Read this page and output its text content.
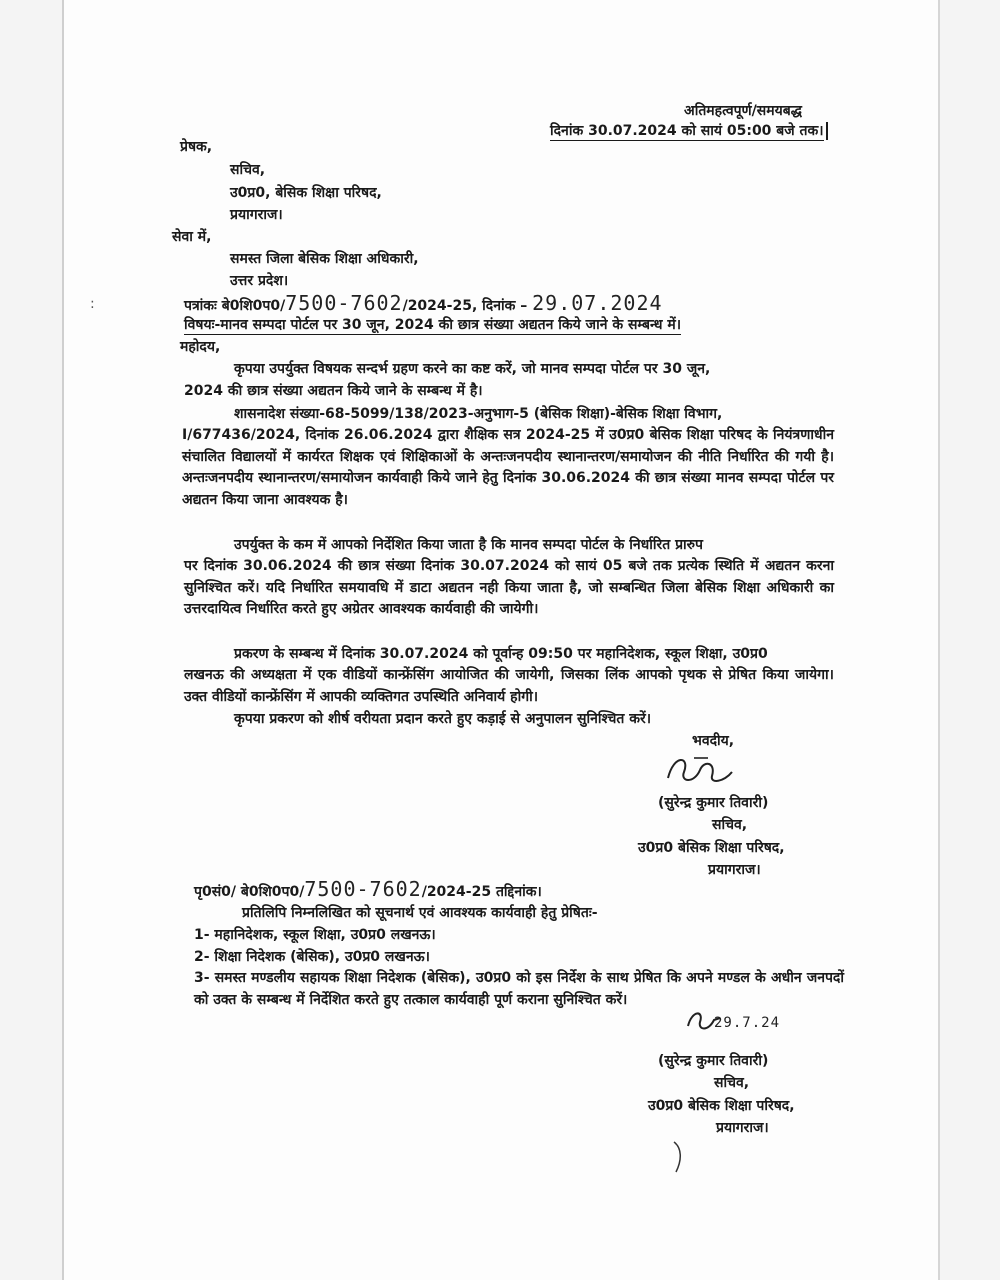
अतिमहत्वपूर्ण/समयबद्ध
दिनांक 30.07.2024 को सायं 05:00 बजे तक।
प्रेषक,
सचिव,
उ0प्र0, बेसिक शिक्षा परिषद,
प्रयागराज।
सेवा में,
समस्त जिला बेसिक शिक्षा अधिकारी,
उत्तर प्रदेश।
पत्रांकः बे0शि0प0/7500-7602/2024-25, दिनांक – 29.07.2024
:
विषयः-मानव सम्पदा पोर्टल पर 30 जून, 2024 की छात्र संख्या अद्यतन किये जाने के सम्बन्ध में।
महोदय,
कृपया उपर्युक्त विषयक सन्दर्भ ग्रहण करने का कष्ट करें, जो मानव सम्पदा पोर्टल पर 30 जून,
2024 की छात्र संख्या अद्यतन किये जाने के सम्बन्ध में है।
शासनादेश संख्या-68-5099/138/2023-अनुभाग-5 (बेसिक शिक्षा)-बेसिक शिक्षा विभाग,
I/677436/2024, दिनांक 26.06.2024 द्वारा शैक्षिक सत्र 2024-25 में उ0प्र0 बेसिक शिक्षा परिषद के नियंत्रणाधीन संचालित विद्यालयों में कार्यरत शिक्षक एवं शिक्षिकाओं के अन्तःजनपदीय स्थानान्तरण/समायोजन की नीति निर्धारित की गयी है। अन्तःजनपदीय स्थानान्तरण/समायोजन कार्यवाही किये जाने हेतु दिनांक 30.06.2024 की छात्र संख्या मानव सम्पदा पोर्टल पर अद्यतन किया जाना आवश्यक है।
उपर्युक्त के कम में आपको निर्देशित किया जाता है कि मानव सम्पदा पोर्टल के निर्धारित प्रारुप
पर दिनांक 30.06.2024 की छात्र संख्या दिनांक 30.07.2024 को सायं 05 बजे तक प्रत्येक स्थिति में अद्यतन करना सुनिश्चित करें। यदि निर्धारित समयावधि में डाटा अद्यतन नही किया जाता है, जो सम्बन्धित जिला बेसिक शिक्षा अधिकारी का उत्तरदायित्व निर्धारित करते हुए अग्रेतर आवश्यक कार्यवाही की जायेगी।
प्रकरण के सम्बन्ध में दिनांक 30.07.2024 को पूर्वान्ह 09:50 पर महानिदेशक, स्कूल शिक्षा, उ0प्र0
लखनऊ की अध्यक्षता में एक वीडियों कान्फ्रेंसिंग आयोजित की जायेगी, जिसका लिंक आपको पृथक से प्रेषित किया जायेगा। उक्त वीडियों कान्फ्रेंसिंग में आपकी व्यक्तिगत उपस्थिति अनिवार्य होगी।
कृपया प्रकरण को शीर्ष वरीयता प्रदान करते हुए कड़ाई से अनुपालन सुनिश्चित करें।
भवदीय,
(सुरेन्द्र कुमार तिवारी)
सचिव,
उ0प्र0 बेसिक शिक्षा परिषद,
प्रयागराज।
पृ0सं0/ बे0शि0प0/7500-7602/2024-25 तद्दिनांक।
प्रतिलिपि निम्नलिखित को सूचनार्थ एवं आवश्यक कार्यवाही हेतु प्रेषितः-
1- महानिदेशक, स्कूल शिक्षा, उ0प्र0 लखनऊ।
2- शिक्षा निदेशक (बेसिक), उ0प्र0 लखनऊ।
3- समस्त मण्डलीय सहायक शिक्षा निदेशक (बेसिक), उ0प्र0 को इस निर्देश के साथ प्रेषित कि अपने मण्डल के अधीन जनपदों को उक्त के सम्बन्ध में निर्देशित करते हुए तत्काल कार्यवाही पूर्ण कराना सुनिश्चित करें।
29.7.24
(सुरेन्द्र कुमार तिवारी)
सचिव,
उ0प्र0 बेसिक शिक्षा परिषद,
प्रयागराज।
